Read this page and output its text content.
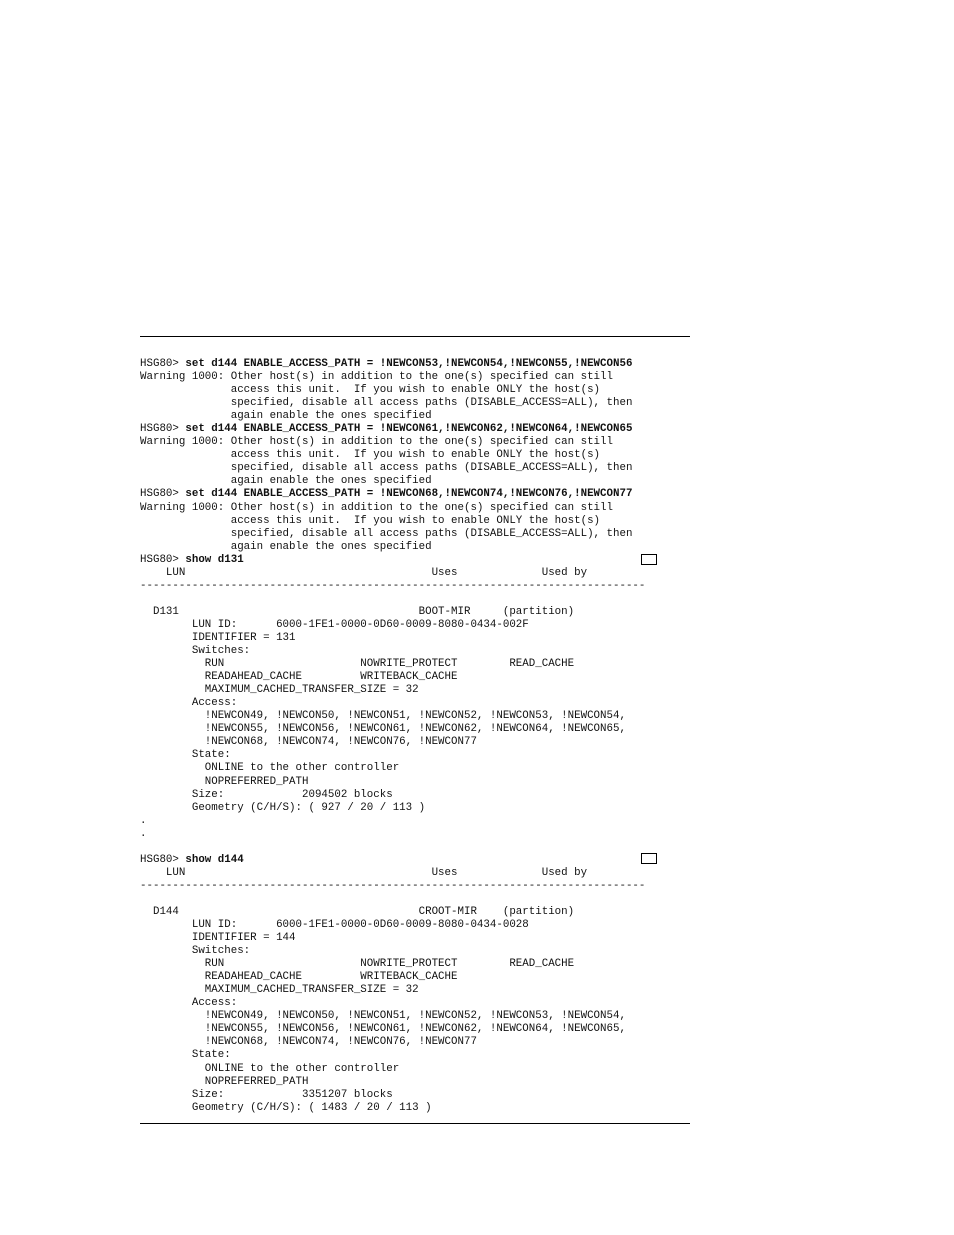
HSG80> set d144 ENABLE_ACCESS_PATH = !NEWCON53,!NEWCON54,!NEWCON55,!NEWCON56
Warning 1000: Other host(s) in addition to the one(s) specified can still
access this unit.  If you wish to enable ONLY the host(s)
specified, disable all access paths (DISABLE_ACCESS=ALL), then
again enable the ones specified
HSG80> set d144 ENABLE_ACCESS_PATH = !NEWCON61,!NEWCON62,!NEWCON64,!NEWCON65
Warning 1000: Other host(s) in addition to the one(s) specified can still
access this unit.  If you wish to enable ONLY the host(s)
specified, disable all access paths (DISABLE_ACCESS=ALL), then
again enable the ones specified
HSG80> set d144 ENABLE_ACCESS_PATH = !NEWCON68,!NEWCON74,!NEWCON76,!NEWCON77
Warning 1000: Other host(s) in addition to the one(s) specified can still
access this unit.  If you wish to enable ONLY the host(s)
specified, disable all access paths (DISABLE_ACCESS=ALL), then
again enable the ones specified
HSG80> show d131
LUN                                      Uses             Used by
------------------------------------------------------------------------------
D131                                     BOOT-MIR     (partition)
LUN ID:      6000-1FE1-0000-0D60-0009-8080-0434-002F
IDENTIFIER = 131
Switches:
RUN                     NOWRITE_PROTECT        READ_CACHE
READAHEAD_CACHE         WRITEBACK_CACHE
MAXIMUM_CACHED_TRANSFER_SIZE = 32
Access:
!NEWCON49, !NEWCON50, !NEWCON51, !NEWCON52, !NEWCON53, !NEWCON54,
!NEWCON55, !NEWCON56, !NEWCON61, !NEWCON62, !NEWCON64, !NEWCON65,
!NEWCON68, !NEWCON74, !NEWCON76, !NEWCON77
State:
ONLINE to the other controller
NOPREFERRED_PATH
Size:            2094502 blocks
Geometry (C/H/S): ( 927 / 20 / 113 )
.
.
HSG80> show d144
LUN                                      Uses             Used by
------------------------------------------------------------------------------
D144                                     CROOT-MIR    (partition)
LUN ID:      6000-1FE1-0000-0D60-0009-8080-0434-0028
IDENTIFIER = 144
Switches:
RUN                     NOWRITE_PROTECT        READ_CACHE
READAHEAD_CACHE         WRITEBACK_CACHE
MAXIMUM_CACHED_TRANSFER_SIZE = 32
Access:
!NEWCON49, !NEWCON50, !NEWCON51, !NEWCON52, !NEWCON53, !NEWCON54,
!NEWCON55, !NEWCON56, !NEWCON61, !NEWCON62, !NEWCON64, !NEWCON65,
!NEWCON68, !NEWCON74, !NEWCON76, !NEWCON77
State:
ONLINE to the other controller
NOPREFERRED_PATH
Size:            3351207 blocks
Geometry (C/H/S): ( 1483 / 20 / 113 )
